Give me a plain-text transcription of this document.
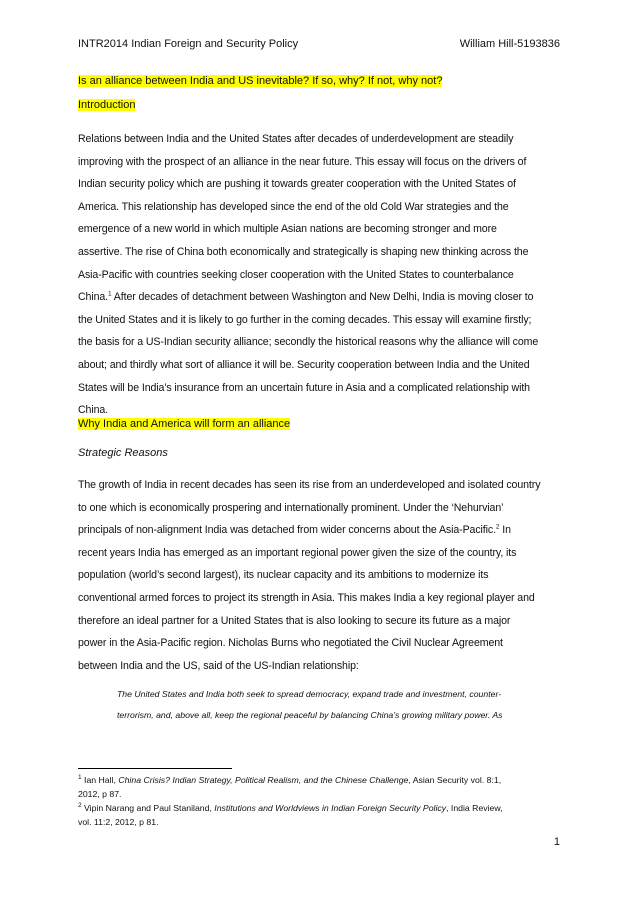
INTR2014 Indian Foreign and Security Policy	William Hill-5193836
Is an alliance between India and US inevitable? If so, why? If not, why not?
Introduction
Relations between India and the United States after decades of underdevelopment are steadily
improving with the prospect of an alliance in the near future. This essay will focus on the drivers of
Indian security policy which are pushing it towards greater cooperation with the United States of
America. This relationship has developed since the end of the old Cold War strategies and the
emergence of a new world in which multiple Asian nations are becoming stronger and more
assertive. The rise of China both economically and strategically is shaping new thinking across the
Asia-Pacific with countries seeking closer cooperation with the United States to counterbalance
China.$^1$ After decades of detachment between Washington and New Delhi, India is moving closer to
the United States and it is likely to go further in the coming decades. This essay will examine firstly;
the basis for a US-Indian security alliance; secondly the historical reasons why the alliance will come
about; and thirdly what sort of alliance it will be. Security cooperation between India and the United
States will be India’s insurance from an uncertain future in Asia and a complicated relationship with
China.
Why India and America will form an alliance
Strategic Reasons
The growth of India in recent decades has seen its rise from an underdeveloped and isolated country
to one which is economically prospering and internationally prominent. Under the ‘Nehurvian’
principals of non-alignment India was detached from wider concerns about the Asia-Pacific.$^2$ In
recent years India has emerged as an important regional power given the size of the country, its
population (world’s second largest), its nuclear capacity and its ambitions to modernize its
conventional armed forces to project its strength in Asia. This makes India a key regional player and
therefore an ideal partner for a United States that is also looking to secure its future as a major
power in the Asia-Pacific region. Nicholas Burns who negotiated the Civil Nuclear Agreement
between India and the US, said of the US-Indian relationship:
The United States and India both seek to spread democracy, expand trade and investment, counter-
terrorism, and, above all, keep the regional peaceful by balancing China’s growing military power. As
$^1$ Ian Hall, China Crisis? Indian Strategy, Political Realism, and the Chinese Challenge, Asian Security vol. 8:1,
2012, p 87.
$^2$ Vipin Narang and Paul Staniland, Institutions and Worldviews in Indian Foreign Security Policy, India Review,
vol. 11:2, 2012, p 81.
1
